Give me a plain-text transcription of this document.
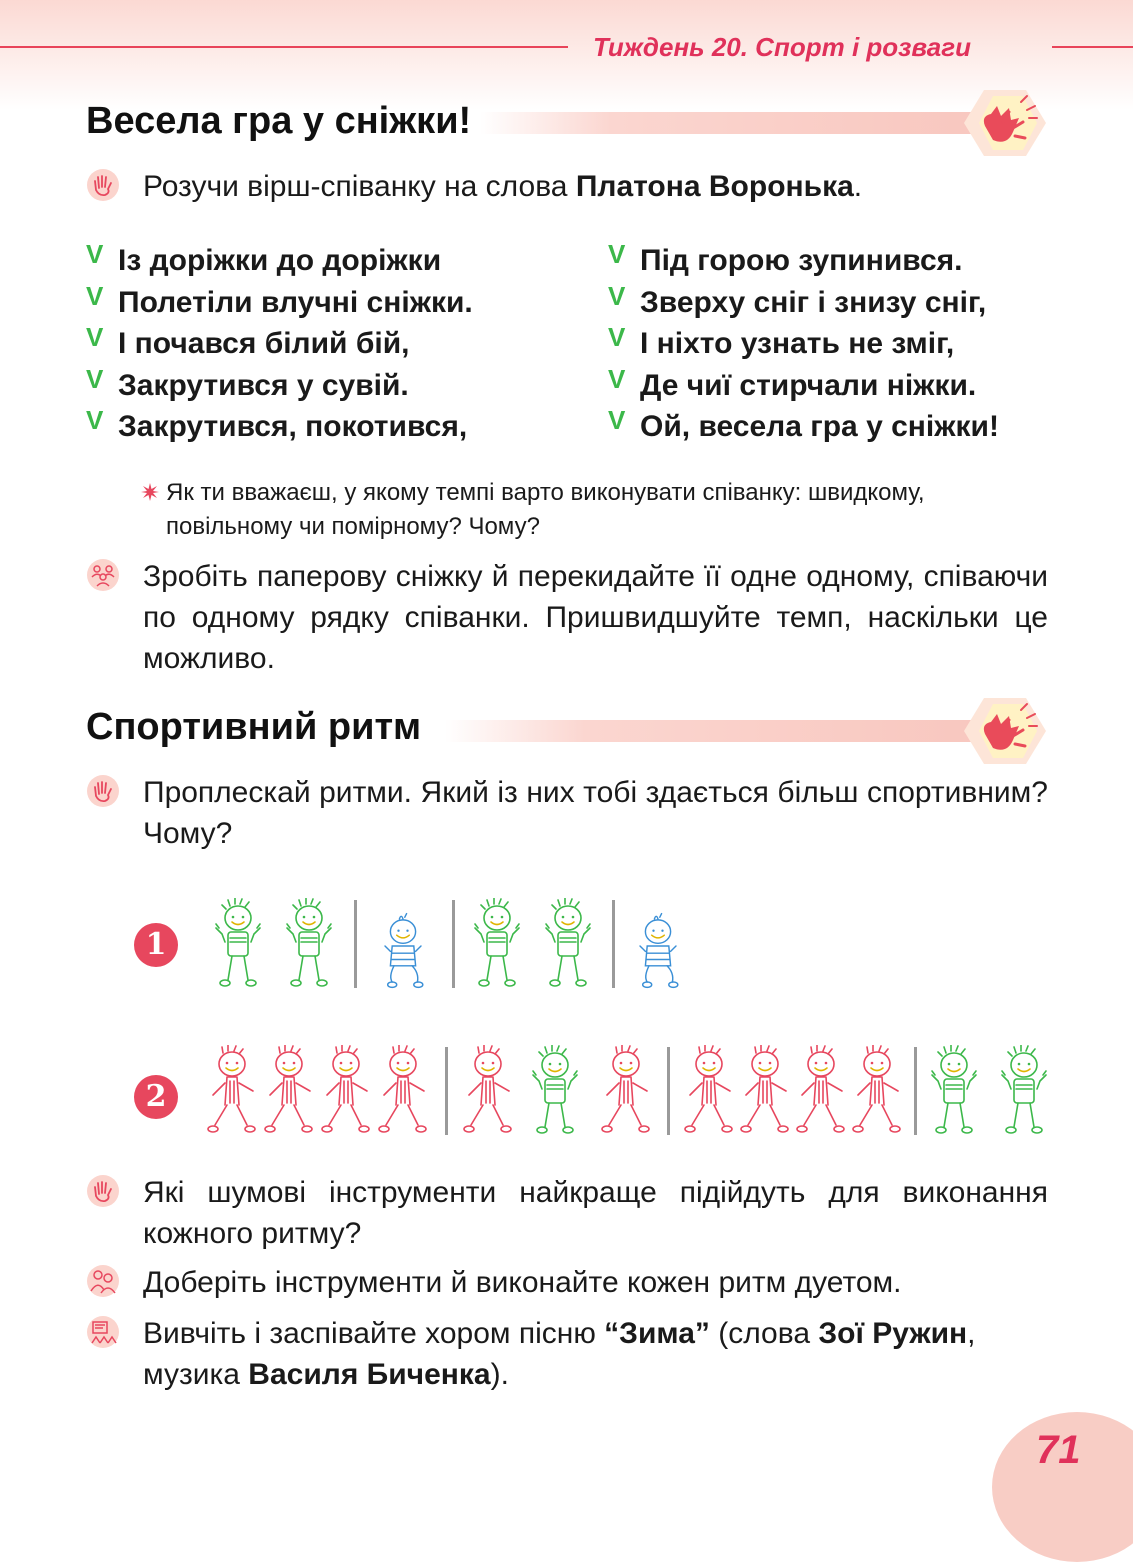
Тиждень 20. Спорт і розваги
Весела гра у сніжки!
Розучи вірш-співанку на слова Платона Воронька.
V Із доріжки до доріжки
V Полетіли влучні сніжки.
V І почався білий бій,
V Закрутився у сувій.
V Закрутився, покотився,
V Під горою зупинився.
V Зверху сніг і знизу сніг,
V І ніхто узнать не зміг,
V Де чиї стирчали ніжки.
V Ой, весела гра у сніжки!
Як ти вважаєш, у якому темпі варто виконувати співанку: швидкому, повільному чи помірному? Чому?
Зробіть паперову сніжку й перекидайте її одне одному, співаючи по одному рядку співанки. Пришвидшуйте темп, наскільки це можливо.
Спортивний ритм
Проплескай ритми. Який із них тобі здається більш спортивним? Чому?
1
2
Які шумові інструменти найкраще підійдуть для виконання кожного ритму?
Доберіть інструменти й виконайте кожен ритм дуетом.
Вивчіть і заспівайте хором пісню “Зима” (слова Зої Ружин, музика Василя Биченка).
71
